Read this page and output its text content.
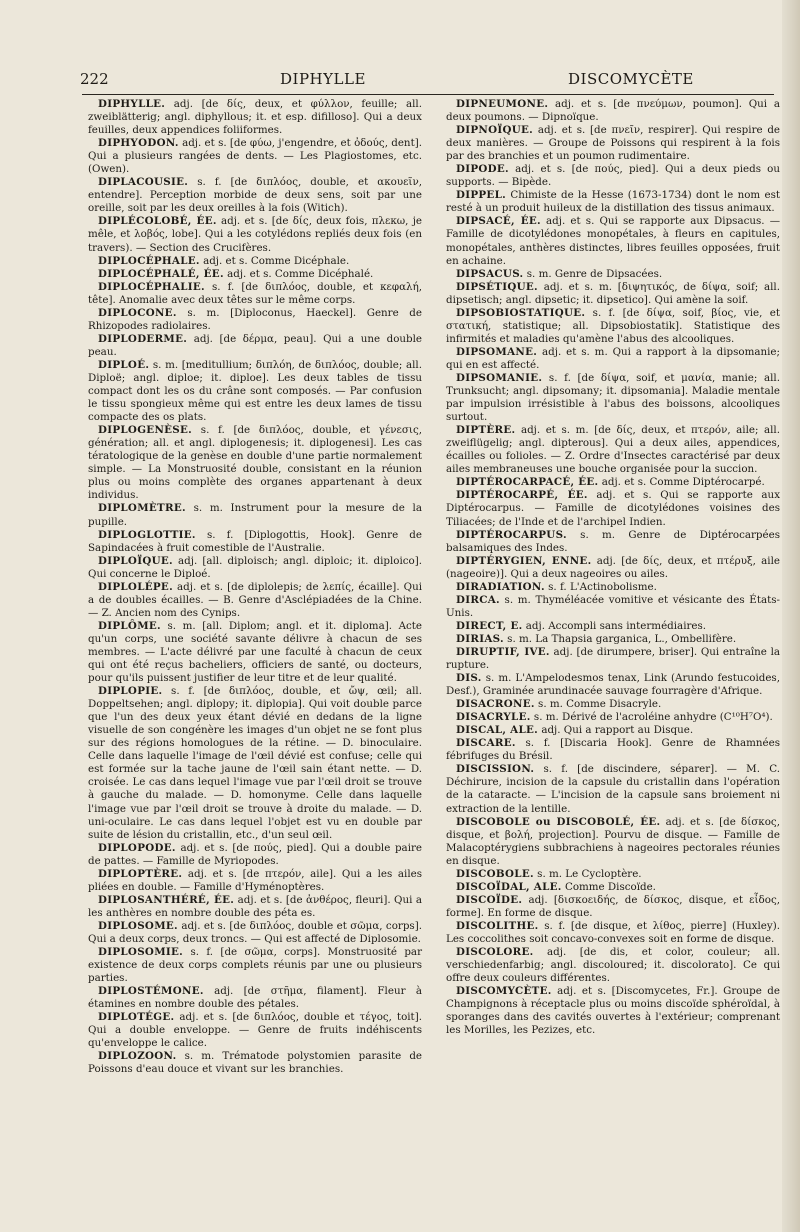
222	DIPHYLLE	DISCOMYCÈTE

DIPHYLLE. adj. [de δίς, deux, et φύλλον, feuille; all. zweiblätterig; angl. diphyllous; it. et esp. difilloso]. Qui a deux feuilles, deux appendices foliiformes.

DIPHYODON. adj. et s. [de φύω, j'engendre, et ὀδούς, dent]. Qui a plusieurs rangées de dents. — Les Plagiostomes, etc. (Owen).

DIPLACOUSIE. s. f. [de διπλόος, double, et ακουεῖν, entendre]. Perception morbide de deux sens, soit par une oreille, soit par les deux oreilles à la fois (Witich).

DIPLÉCOLOBÉ, ÉE. adj. et s. [de δίς, deux fois, πλεκω, je mêle, et λοβός, lobe]. Qui a les cotylédons repliés deux fois (en travers). — Section des Crucifères.

DIPLOCÉPHALE. adj. et s. Comme Dicéphale.

DIPLOCÉPHALÉ, ÉE. adj. et s. Comme Dicéphalé.

DIPLOCÉPHALIE. s. f. [de διπλόος, double, et κεφαλή, tête]. Anomalie avec deux têtes sur le même corps.

DIPLOCONE. s. m. [Diploconus, Haeckel]. Genre de Rhizopodes radiolaires.

DIPLODERME. adj. [de δέρμα, peau]. Qui a une double peau.

DIPLOÉ. s. m. [meditullium; διπλόη, de διπλόος, double; all. Diploë; angl. diploe; it. diploe]. Les deux tables de tissu compact dont les os du crâne sont composés. — Par confusion le tissu spongieux même qui est entre les deux lames de tissu compacte des os plats.

DIPLOGENÈSE. s. f. [de διπλόος, double, et γένεσις, génération; all. et angl. diplogenesis; it. diplogenesi]. Les cas tératologique de la genèse en double d'une partie normalement simple. — La Monstruosité double, consistant en la réunion plus ou moins complète des organes appartenant à deux individus.

DIPLOMÈTRE. s. m. Instrument pour la mesure de la pupille.

DIPLOGLOTTIE. s. f. [Diplogottis, Hook]. Genre de Sapindacées à fruit comestible de l'Australie.

DIPLOÏQUE. adj. [all. diploisch; angl. diploic; it. diploico]. Qui concerne le Diploé.

DIPLOLÉPE. adj. et s. [de diplolepis; de λεπίς, écaille]. Qui a de doubles écailles. — B. Genre d'Asclépiadées de la Chine. — Z. Ancien nom des Cynips.

DIPLÔME. s. m. [all. Diplom; angl. et it. diploma]. Acte qu'un corps, une société savante délivre à chacun de ses membres. — L'acte délivré par une faculté à chacun de ceux qui ont été reçus bacheliers, officiers de santé, ou docteurs, pour qu'ils puissent justifier de leur titre et de leur qualité.

DIPLOPIE. s. f. [de διπλόος, double, et ὤψ, œil; all. Doppeltsehen; angl. diplopy; it. diplopia]. Qui voit double parce que l'un des deux yeux étant dévié en dedans de la ligne visuelle de son congénère les images d'un objet ne se font plus sur des régions homologues de la rétine. — D. binoculaire. Celle dans laquelle l'image de l'œil dévié est confuse; celle qui est formée sur la tache jaune de l'œil sain étant nette. — D. croisée. Le cas dans lequel l'image vue par l'œil droit se trouve à gauche du malade. — D. homonyme. Celle dans laquelle l'image vue par l'œil droit se trouve à droite du malade. — D. uni-oculaire. Le cas dans lequel l'objet est vu en double par suite de lésion du cristallin, etc., d'un seul œil.

DIPLOPODE. adj. et s. [de πούς, pied]. Qui a double paire de pattes. — Famille de Myriopodes.

DIPLOPTÈRE. adj. et s. [de πτερόν, aile]. Qui a les ailes pliées en double. — Famille d'Hyménoptères.

DIPLOSANTHÉRÉ, ÉE. adj. et s. [de ἀνθέρος, fleuri]. Qui a les anthères en nombre double des péta es.

DIPLOSOME. adj. et s. [de διπλόος, double et σῶμα, corps]. Qui a deux corps, deux troncs. — Qui est affecté de Diplosomie.

DIPLOSOMIE. s. f. [de σῶμα, corps]. Monstruosité par existence de deux corps complets réunis par une ou plusieurs parties.

DIPLOSTÉMONE. adj. [de στῆμα, filament]. Fleur à étamines en nombre double des pétales.

DIPLOTÉGE. adj. et s. [de διπλόος, double et τέγος, toit]. Qui a double enveloppe. — Genre de fruits indéhiscents qu'enveloppe le calice.

DIPLOZOON. s. m. Trématode polystomien parasite de Poissons d'eau douce et vivant sur les branchies.

DIPNEUMONE. adj. et s. [de πνεύμων, poumon]. Qui a deux poumons. — Dipnoïque.

DIPNOÏQUE. adj. et s. [de πνεῖν, respirer]. Qui respire de deux manières. — Groupe de Poissons qui respirent à la fois par des branchies et un poumon rudimentaire.

DIPODE. adj. et s. [de πούς, pied]. Qui a deux pieds ou supports. — Bipède.

DIPPEL. Chimiste de la Hesse (1673-1734) dont le nom est resté à un produit huileux de la distillation des tissus animaux.

DIPSACÉ, ÉE. adj. et s. Qui se rapporte aux Dipsacus. — Famille de dicotylédones monopétales, à fleurs en capitules, monopétales, anthères distinctes, libres feuilles opposées, fruit en achaine.

DIPSACUS. s. m. Genre de Dipsacées.

DIPSÉTIQUE. adj. et s. m. [διψητικός, de δίψα, soif; all. dipsetisch; angl. dipsetic; it. dipsetico]. Qui amène la soif.

DIPSOBIOSTATIQUE. s. f. [de δίψα, soif, βίος, vie, et στατική, statistique; all. Dipsobiostatik]. Statistique des infirmités et maladies qu'amène l'abus des alcooliques.

DIPSOMANE. adj. et s. m. Qui a rapport à la dipsomanie; qui en est affecté.

DIPSOMANIE. s. f. [de δίψα, soif, et μανία, manie; all. Trunksucht; angl. dipsomany; it. dipsomania]. Maladie mentale par impulsion irrésistible à l'abus des boissons, alcooliques surtout.

DIPTÈRE. adj. et s. m. [de δίς, deux, et πτερόν, aile; all. zweiflügelig; angl. dipterous]. Qui a deux ailes, appendices, écailles ou folioles. — Z. Ordre d'Insectes caractérisé par deux ailes membraneuses une bouche organisée pour la succion.

DIPTÉROCARPACÉ, ÉE. adj. et s. Comme Diptérocarpé.

DIPTÉROCARPÉ, ÉE. adj. et s. Qui se rapporte aux Diptérocarpus. — Famille de dicotylédones voisines des Tiliacées; de l'Inde et de l'archipel Indien.

DIPTÉROCARPUS. s. m. Genre de Diptérocarpées balsamiques des Indes.

DIPTÉRYGIEN, ENNE. adj. [de δίς, deux, et πτέρυξ, aile (nageoire)]. Qui a deux nageoires ou ailes.

DIRADIATION. s. f. L'Actinobolisme.

DIRCA. s. m. Thyméléacée vomitive et vésicante des États-Unis.

DIRECT, E. adj. Accompli sans intermédiaires.

DIRIAS. s. m. La Thapsia garganica, L., Ombellifère.

DIRUPTIF, IVE. adj. [de dirumpere, briser]. Qui entraîne la rupture.

DIS. s. m. L'Ampelodesmos tenax, Link (Arundo festucoides, Desf.), Graminée arundinacée sauvage fourragère d'Afrique.

DISACRONE. s. m. Comme Disacryle.

DISACRYLE. s. m. Dérivé de l'acroléine anhydre (C¹⁰H⁷O⁴).

DISCAL, ALE. adj. Qui a rapport au Disque.

DISCARE. s. f. [Discaria Hook]. Genre de Rhamnées fébrifuges du Brésil.

DISCISSION. s. f. [de discindere, séparer]. — M. C. Déchirure, incision de la capsule du cristallin dans l'opération de la cataracte. — L'incision de la capsule sans broiement ni extraction de la lentille.

DISCOBOLE ou DISCOBOLÉ, ÉE. adj. et s. [de δίσκος, disque, et βολή, projection]. Pourvu de disque. — Famille de Malacoptérygiens subbrachiens à nageoires pectorales réunies en disque.

DISCOBOLE. s. m. Le Cycloptère.

DISCOÏDAL, ALE. Comme Discoïde.

DISCOÏDE. adj. [δισκοειδής, de δίσκος, disque, et εἶδος, forme]. En forme de disque.

DISCOLITHE. s. f. [de disque, et λίθος, pierre] (Huxley). Les coccolithes soit concavo-convexes soit en forme de disque.

DISCOLORE. adj. [de dis, et color, couleur; all. verschiedenfarbig; angl. discoloured; it. discolorato]. Ce qui offre deux couleurs différentes.

DISCOMYCÈTE. adj. et s. [Discomycetes, Fr.]. Groupe de Champignons à réceptacle plus ou moins discoïde sphéroïdal, à sporanges dans des cavités ouvertes à l'extérieur; comprenant les Morilles, les Pezizes, etc.
